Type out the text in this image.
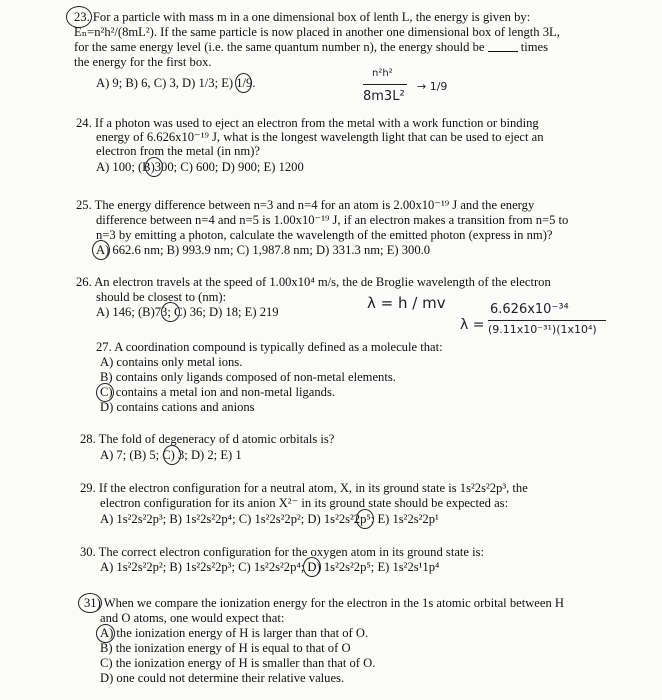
23. For a particle with mass m in a one dimensional box of lenth L, the energy is given by:
Eₙ=n²h²/(8mL²). If the same particle is now placed in another one dimensional box of length 3L,
for the same energy level (i.e. the same quantum number n), the energy should be	times
the energy for the first box.
A) 9; B) 6, C) 3, D) 1/3; E) 1/9.
n²h²
8m3L²
→ 1/9
24. If a photon was used to eject an electron from the metal with a work function or binding
energy of 6.626x10⁻¹⁹ J, what is the longest wavelength light that can be used to eject an
electron from the metal (in nm)?
A) 100; (B)300; C) 600; D) 900; E) 1200
25. The energy difference between n=3 and n=4 for an atom is 2.00x10⁻¹⁹ J and the energy
difference between n=4 and n=5 is 1.00x10⁻¹⁹ J, if an electron makes a transition from n=5 to
n=3 by emitting a photon, calculate the wavelength of the emitted photon (express in nm)?
A) 662.6 nm; B) 993.9 nm; C) 1,987.8 nm; D) 331.3 nm; E) 300.0
26. An electron travels at the speed of 1.00x10⁴ m/s, the de Broglie wavelength of the electron
should be closest to (nm):
A) 146; (B)73; C) 36; D) 18; E) 219	λ = h / mv
λ =
6.626x10⁻³⁴
(9.11x10⁻³¹)(1x10⁴)
27. A coordination compound is typically defined as a molecule that:
A) contains only metal ions.
B) contains only ligands composed of non-metal elements.
C) contains a metal ion and non-metal ligands.
D) contains cations and anions
28. The fold of degeneracy of d atomic orbitals is?
A) 7; (B) 5; C) 3; D) 2; E) 1
29. If the electron configuration for a neutral atom, X, in its ground state is 1s²2s²2p³, the
electron configuration for its anion X²⁻ in its ground state should be expected as:
A) 1s²2s²2p³; B) 1s²2s²2p⁴; C) 1s²2s²2p²; D) 1s²2s²2p⁵; E) 1s²2s²2p¹
30. The correct electron configuration for the oxygen atom in its ground state is:
A) 1s²2s²2p²; B) 1s²2s²2p³; C) 1s²2s²2p⁴; D) 1s²2s²2p⁵; E) 1s²2s¹1p⁴
31) When we compare the ionization energy for the electron in the 1s atomic orbital between H
and O atoms, one would expect that:
A) the ionization energy of H is larger than that of O.
B) the ionization energy of H is equal to that of O
C) the ionization energy of H is smaller than that of O.
D) one could not determine their relative values.
